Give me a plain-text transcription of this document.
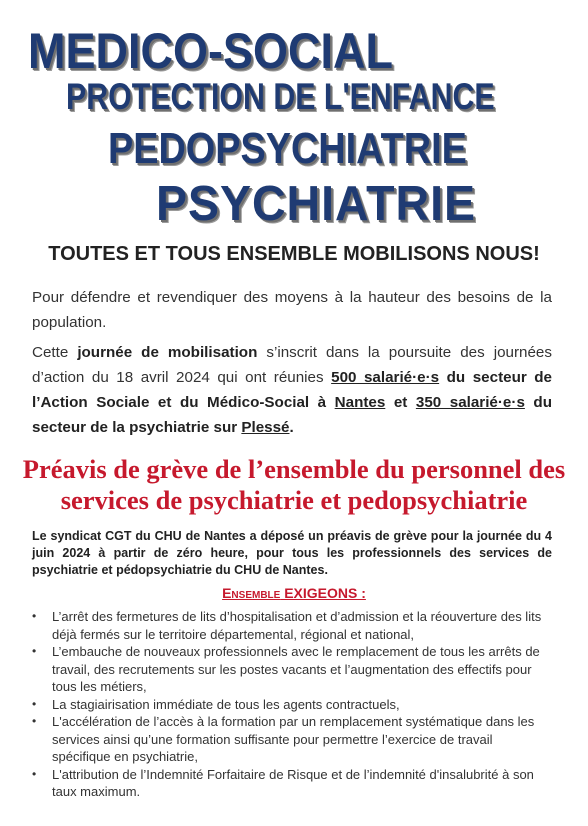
MEDICO-SOCIAL
PROTECTION DE L'ENFANCE
PEDOPSYCHIATRIE
PSYCHIATRIE

TOUTES ET TOUS ENSEMBLE MOBILISONS NOUS!

Pour défendre et revendiquer des moyens à la hauteur des besoins de la population.

Cette journée de mobilisation s’inscrit dans la poursuite des journées d’action du 18 avril 2024 qui ont réunies 500 salarié·e·s du secteur de l’Action Sociale et du Médico-Social à Nantes et 350 salarié·e·s du secteur de la psychiatrie sur Plessé.

Préavis de grève de l’ensemble du personnel des services de psychiatrie et pedopsychiatrie

Le syndicat CGT du CHU de Nantes a déposé un préavis de grève pour la journée du 4 juin 2024 à partir de zéro heure, pour tous les professionnels des services de psychiatrie et pédopsychiatrie du CHU de Nantes.

Ensemble EXIGEONS :
• L’arrêt des fermetures de lits d’hospitalisation et d’admission et la réouverture des lits déjà fermés sur le territoire départemental, régional et national,
• L’embauche de nouveaux professionnels avec le remplacement de tous les arrêts de travail, des recrutements sur les postes vacants et l’augmentation des effectifs pour tous les métiers,
• La stagiairisation immédiate de tous les agents contractuels,
• L'accélération de l’accès à la formation par un remplacement systématique dans les services ainsi qu’une formation suffisante pour permettre l’exercice de travail spécifique en psychiatrie,
• L'attribution de l’Indemnité Forfaitaire de Risque et de l’indemnité d'insalubrité à son taux maximum.
